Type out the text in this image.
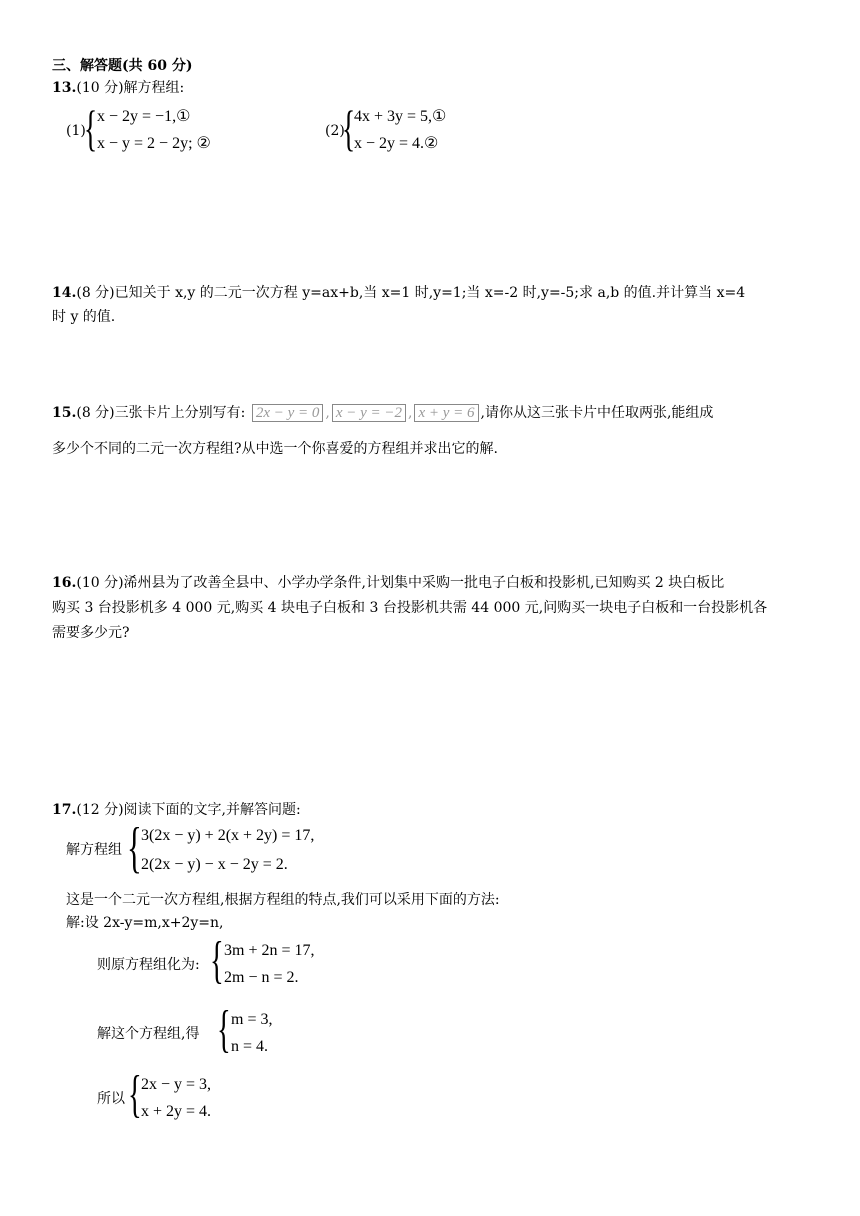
三、解答题(共 60 分)
13.(10 分)解方程组:
(1)
{ x − 2y = −1,①
x − y = 2 − 2y; ②
(2)
{
4x + 3y = 5,①
x − 2y = 4.②
14.(8 分)已知关于 x,y 的二元一次方程 y=ax+b,当 x=1 时,y=1;当 x=-2 时,y=-5;求 a,b 的值.并计算当 x=4
时 y 的值.
15.(8 分)三张卡片上分别写有: 2x − y = 0 , x − y = −2 , x + y = 6 ,请你从这三张卡片中任取两张,能组成
多少个不同的二元一次方程组?从中选一个你喜爱的方程组并求出它的解.
16.(10 分)浠州县为了改善全县中、小学办学条件,计划集中采购一批电子白板和投影机,已知购买 2 块白板比
购买 3 台投影机多 4 000 元,购买 4 块电子白板和 3 台投影机共需 44 000 元,问购买一块电子白板和一台投影机各
需要多少元?
17.(12 分)阅读下面的文字,并解答问题:
解方程组 { 3(2x − y) + 2(x + 2y) = 17,
2(2x − y) − x − 2y = 2.
这是一个二元一次方程组,根据方程组的特点,我们可以采用下面的方法:
解:设 2x-y=m,x+2y=n,
则原方程组化为: { 3m + 2n = 17,
2m − n = 2.
解这个方程组,得 { m = 3,
n = 4.
所以 { 2x − y = 3,
x + 2y = 4.
